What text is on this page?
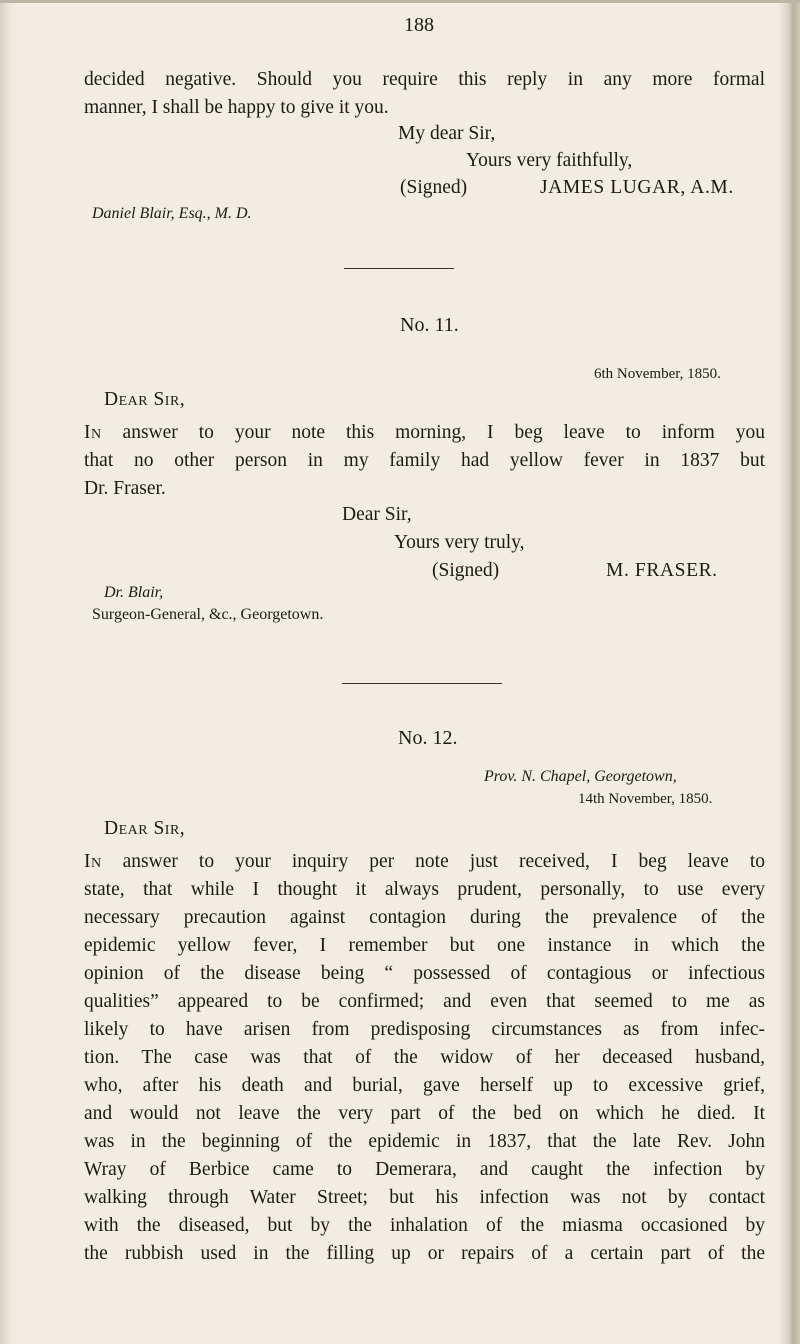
188
decided negative. Should you require this reply in any more formal
manner, I shall be happy to give it you.
My dear Sir,
Yours very faithfully,
(Signed)	JAMES LUGAR, A.M.
Daniel Blair, Esq., M. D.
No. 11.
6th November, 1850.
Dear Sir,
In answer to your note this morning, I beg leave to inform you
that no other person in my family had yellow fever in 1837 but
Dr. Fraser.
Dear Sir,
Yours very truly,
(Signed)	M. FRASER.
Dr. Blair,
Surgeon-General, &c., Georgetown.
No. 12.
Prov. N. Chapel, Georgetown,
14th November, 1850.
Dear Sir,
In answer to your inquiry per note just received, I beg leave to
state, that while I thought it always prudent, personally, to use every
necessary precaution against contagion during the prevalence of the
epidemic yellow fever, I remember but one instance in which the
opinion of the disease being “ possessed of contagious or infectious
qualities” appeared to be confirmed; and even that seemed to me as
likely to have arisen from predisposing circumstances as from infec-
tion. The case was that of the widow of her deceased husband,
who, after his death and burial, gave herself up to excessive grief,
and would not leave the very part of the bed on which he died. It
was in the beginning of the epidemic in 1837, that the late Rev. John
Wray of Berbice came to Demerara, and caught the infection by
walking through Water Street; but his infection was not by contact
with the diseased, but by the inhalation of the miasma occasioned by
the rubbish used in the filling up or repairs of a certain part of the
